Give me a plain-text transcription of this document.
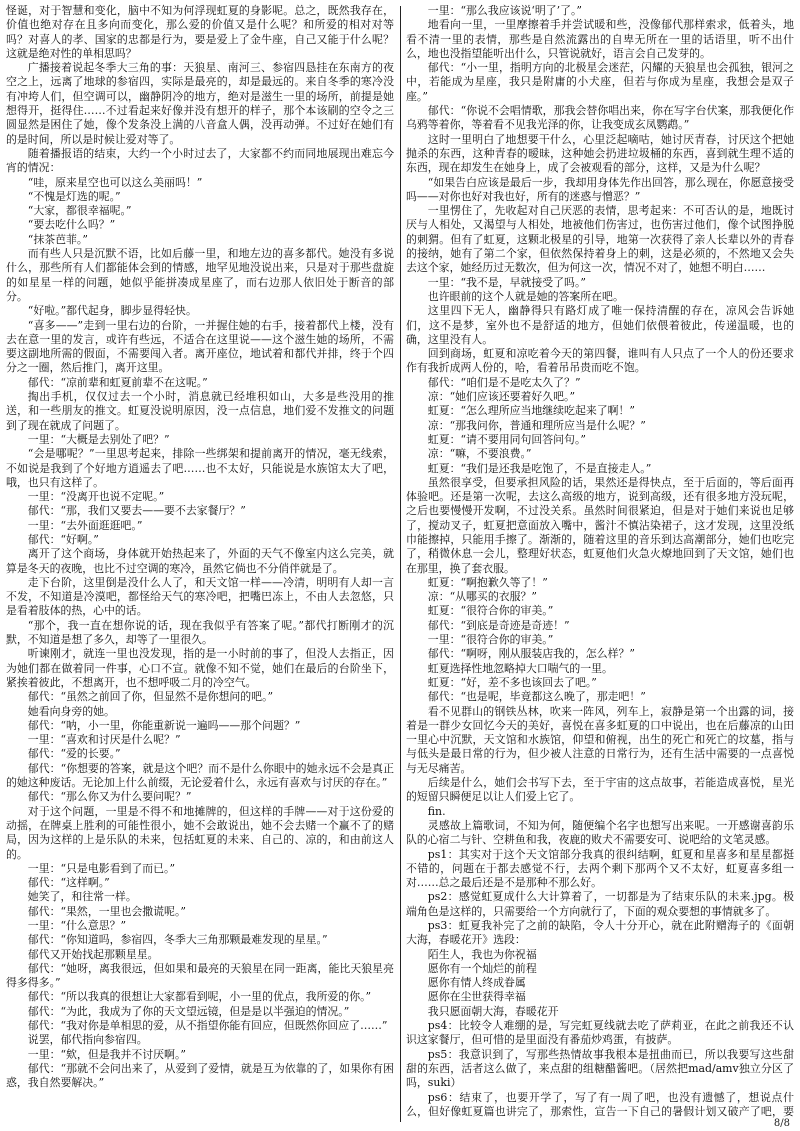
怪诞，对于智慧和变化，脑中不知为何浮现虹夏的身影呢。总之，既然我存在，价值也绝对存在且多向而变化，那么爱的价值又是什么呢？和所爱的相对对等吗？对喜人的孝、国家的忠都是行为，要是爱上了金牛座，自己又能于什么呢？这就是绝对性的单相思吗？

广播接着说起冬季大三角的事：天狼星、南河三、参宿四恳挂在东南方的夜空之上，远离了地球的参宿四，实际是最亮的，却是最远的。来自冬季的寒冷没有冲垮人们，但空调可以，幽静阴冷的地方，绝对是滋生一里的场所，前提是她想得开，挺得住……不过看起来好像并没有想开的样子，那个本该刷的空令之三圆显然是困住了她，像个发条没上满的八音盒人偶，没再动弹。不过好在她们有的是时间，所以是时候让爱对等了。

随着播报语的结束，大约一个小时过去了，大家都不约而同地展现出难忘今宵的情况：

“哇，原来星空也可以这么美丽吗！”

“不愧是灯选的呢。”

“大家，都很幸福呢。”

“要去吃什么吗？”

“抹茶芭菲。”

而有些人只是沉默不语，比如后藤一里，和地左边的喜多都代。她没有多说什么，那些所有人们都能体会到的情感，地罕见地没说出来，只是对于那些盘旋的如星星一样的问题，她似乎能拼凑成星座了，而右边那人依旧处于断音的部分。

“好啦。”都代起身，脚步显得轻快。

“喜多——”走到一里右边的台阶，一并握住她的右手，接着都代上楼，没有去在意一里的发言，或许有些远，不适合在这里说——这个滋生她的场所，不需要这副地所需的假面，不需要闯入者。离开座位，地试着和都代并排，终于个四分之一圈，然后推门，离开这里。

郁代：“凉前辈和虹夏前辈不在这呢。”

掏出手机，仅仅过去一个小时，消息就已经堆积如山，大多是些没用的推送，和一些朋友的推文。虹夏没说明原因，没一点信息，地们爱不发推文的问题到了现在就成了问题了。

一里：“大概是去别处了吧？”

“会是哪呢？”一里思考起来，排除一些绑架和提前离开的情况，毫无线索，不如说是我到了个好地方逍遥去了吧……也不太好，只能说是水族馆太大了吧，哦，也只有这样了。

一里：“没离开也说不定呢。”

郁代：“那，我们又要去——要不去家餐厅？”

一里：“去外面逛逛吧。”

郁代：“好啊。”

离开了这个商场，身体就开始热起来了，外面的天气不像室内这么完美，就算是冬天的夜晚，也比不过空调的寒冷，虽然它倘也不分俏伴就是了。

走下台阶，这里倒是没什么人了，和天文馆一样——冷清，明明有人却一言不发，不知道是冷漠吧，都怪给天气的寒冷吧，把嘴巴冻上，不由人去忽悠，只是看着肢体的热，心中的话。

“那个，我一直在想你说的话，现在我似乎有答案了呢。”都代打断刚才的沉默，不知道是想了多久，却等了一里很久。

听谏刚才，就连一里也没发现，指的是一小时前的事了，但没人去指正，因为她们都在做着同一件事，心口不宣。就像不知不觉，她们在最后的台阶坐下，紧挨着彼此，不想离开，也不想呼吸二月的冷空气。

郁代：“虽然之前回了你，但显然不是你想问的吧。”

她看向身旁的她。

郁代：“呐，小一里，你能重新说一遍吗——那个问题？”

一里：“喜欢和讨厌是什么呢？”

郁代：“爱的长要。”

郁代：“你想要的答案，就是这个吧？而不是什么你眼中的她永远不会是真正的她这种废话。无论加上什么前缀，无论爱着什么，永远有喜欢与讨厌的存在。”

郁代：“那么你又为什么要问呢？”

对于这个问题，一里是不得不和地摊牌的，但这样的手牌——对于这份爱的动摇，在牌桌上胜利的可能性很小，她不会敢说出，她不会去赌一个赢不了的赌局，因为这样的上是乐队的未来，包括虹夏的未来、自己的、凉的，和由前这人的。

一里：“只是电影看到了而已。”

郁代：“这样啊。”

她笑了，和往常一样。

郁代：“果然，一里也会撒谎呢。”

一里：“什么意思？”

郁代：“你知道吗，参宿四，冬季大三角那颗最难发现的星星。”

郁代又开始找起那颗星星。

郁代：“她呀，离我很远，但如果和最亮的天狼星在同一距离，能比天狼星亮得多得多。”

郁代：“所以我真的很想让大家都看到呢，小一里的优点，我所爱的你。”

郁代：“为此，我成为了你的天文望远镜，但是是以半强迫的情况。”

郁代：“我对你是单相思的爱，从不指望你能有回应，但既然你回应了……”

说罢，郁代指向参宿四。

一里：“欸，但是我并不讨厌啊。”

郁代：“那就不会问出来了，从爱到了爱情，就是互为依靠的了，如果你有困惑，我自然要解决。”

一里：“那么我应该说‘明了’了。”

地看向一里，一里摩擦着手并尝试暖和些，没像郁代那样索求，低着头，地看不清一里的表情，那些是自然流露出的自卑无所在一里的话语里，听不出什么，地也没指望能听出什么，只管说就好，语言会自己发芽的。

郁代：“小一里，指明方向的北极星会迷茫，闪耀的天狼星也会孤独，银河之中，若能成为星座，我只是附庸的小犬座，但若与你成为星座，我想会是双子座。”

郁代：“你说不会唱情歌，那我会替你唱出来，你在写字台伏案，那我便化作乌鸦等着你，等着看不见我光泽的你，让我变成玄凤鹦鹉。”

这时一里明白了地想要干什么，心里泛起嘀咕，她讨厌青春，讨厌这个把她抛杀的东西，这种青春的暧昧，这种她会扔进垃圾桶的东西，喜到就生理不适的东西，现在却发生在她身上，成了会被观看的部分，这样，又是为什么呢？

“如果告白应该是最后一步，我却用身体先作出回答，那么现在，你愿意接受吗——对你也好对我也好，所有的迷惑与憎恶？”

一里愣住了，先收起对自己厌恶的表情，思考起来：不可否认的是，地既讨厌与人相处，又渴望与人相处，地被他们伤害过，也伤害过他们，像个试图挣脱的刺猬。但有了虹夏，这颗北极星的引导，地第一次获得了亲人长辈以外的青春的接纳，她有了第二个家，但依然保持着身上的刺，这是必须的，不然地又会失去这个家，她经历过无数次，但为何这一次，情况不对了，她想不明白……

一里：“我不是，早就接受了吗。”

也许眼前的这个人就是她的答案所在吧。

这里四下无人，幽静得只有路灯成了唯一保持清醒的存在，凉风会告诉她们，这不是梦，室外也不是舒适的地方，但她们依偎着彼此，传递温暖，也的确，这里没有人。

回到商场，虹夏和凉吃着今天的第四餐，谁叫有人只点了一个人的份还要求作有我折成两人份的，哈，看着吊吊贵而吃不饱。

郁代：“咱们是不是吃太久了？”

凉：“她们应该还要着好久吧。”

虹夏：“怎么理所应当地继续吃起来了啊！”

凉：“那我问你，普通和理所应当是什么呢？”

虹夏：“请不要用同句回答问句。”

凉：“嘛，不要浪费。”

虹夏：“我们是还我是吃饱了，不是直接走人。”

虽然很享受，但要承担风险的话，果然还是得快点，至于后面的，等后面再体验吧。还是第一次呢，去这么高级的地方，说到高级，还有很多地方没玩呢，之后也要慢慢开发啊，不过没关系。虽然时间很紧迫，但是对于她们来说也足够了，搅动叉子，虹夏把意面放入嘴中，酱汁不慎沾染裙子，这才发现，这里没纸巾能擦掉，只能用手擦了。渐渐的，随着这里的音乐到达高潮部分，她们也吃完了，稍微休息一会儿，整理好状态，虹夏他们火急火燎地回到了天文馆，她们也在那里，换了套衣服。

虹夏：“啊抱歉久等了！”

凉：“从哪买的衣服？”

虹夏：“很符合你的审美。”

郁代：“到底是奇迹是奇迹！”

一里：“很符合你的审美。”

郁代：“啊呀，刚从服装店我的，怎么样？”

虹夏选择性地忽略掉大口喘气的一里。

虹夏：“好，差不多也该回去了吧。”

郁代：“也是呢，毕竟都这么晚了，那走吧！”

看不见群山的钢铁丛林，吹来一阵风，列车上，寂静是第一个出露的词，接着是一群少女回忆今天的美好，喜悦在喜多虹夏的口中说出，也在后藤凉的山田一里心中沉默，天文馆和水族馆，仰望和俯视，出生的死亡和死亡的坟墓，指与与低头是最日常的行为，但少被人注意的日常行为，还有生活中需要的一点喜悦与无尽痛苦。

后续是什么，她们会书写下去，至于宇宙的这点故事，若能造成喜悦，星光的短留只瞬便足以让人们爱上它了。

fin.

灵感故上篇歌词，不知为何，随便编个名字也想写出来呢。一开感谢喜韵乐队的心宿二与针、空耕鱼和我，夜鹿的败犬不需要安可、说吧给的文笔灵感。

ps1：其实对于这个天文馆部分我真的很纠结啊，虹夏和星喜多和星星都挺不错的，问题在于都去感觉不行，去两个剩下那两个又不太好，虹夏喜多组一对……总之最后还是不是那种不那么好。

ps2：感觉虹夏成什么大计算着了，一切都是为了结束乐队的未来.jpg。极端角色是这样的，只需要给一个方向就行了，下面的观众要想的事情就多了。

ps3：虹夏我补完了之前的缺陷，令人十分开心，就在此附赠海子的《面朝大海，春暖花开》选段：

陌生人，我也为你祝福

愿你有一个灿烂的前程

愿你有情人终成眷属

愿你在尘世获得幸福

我只愿面朝大海，春暖花开

ps4：比较令人难绷的是，写完虹夏线就去吃了萨莉亚，在此之前我还不认识这家餐厅，但可惜的是里面没有番茄炒鸡蛋，有披萨。

ps5：我意识到了，写那些热情故事我根本是扭曲而已，所以我要写这些甜甜的东西，活者这么做了，来点甜的组糖醋酱吧。（居然把mad/amv独立分区了吗，suki）

ps6：结束了，也要开学了，写了有一周了吧，也没有遗憾了，想说点什么，但好像虹夏篇也讲完了，那索性，宣告一下自己的暑假计划又破产了吧，要

8/8
